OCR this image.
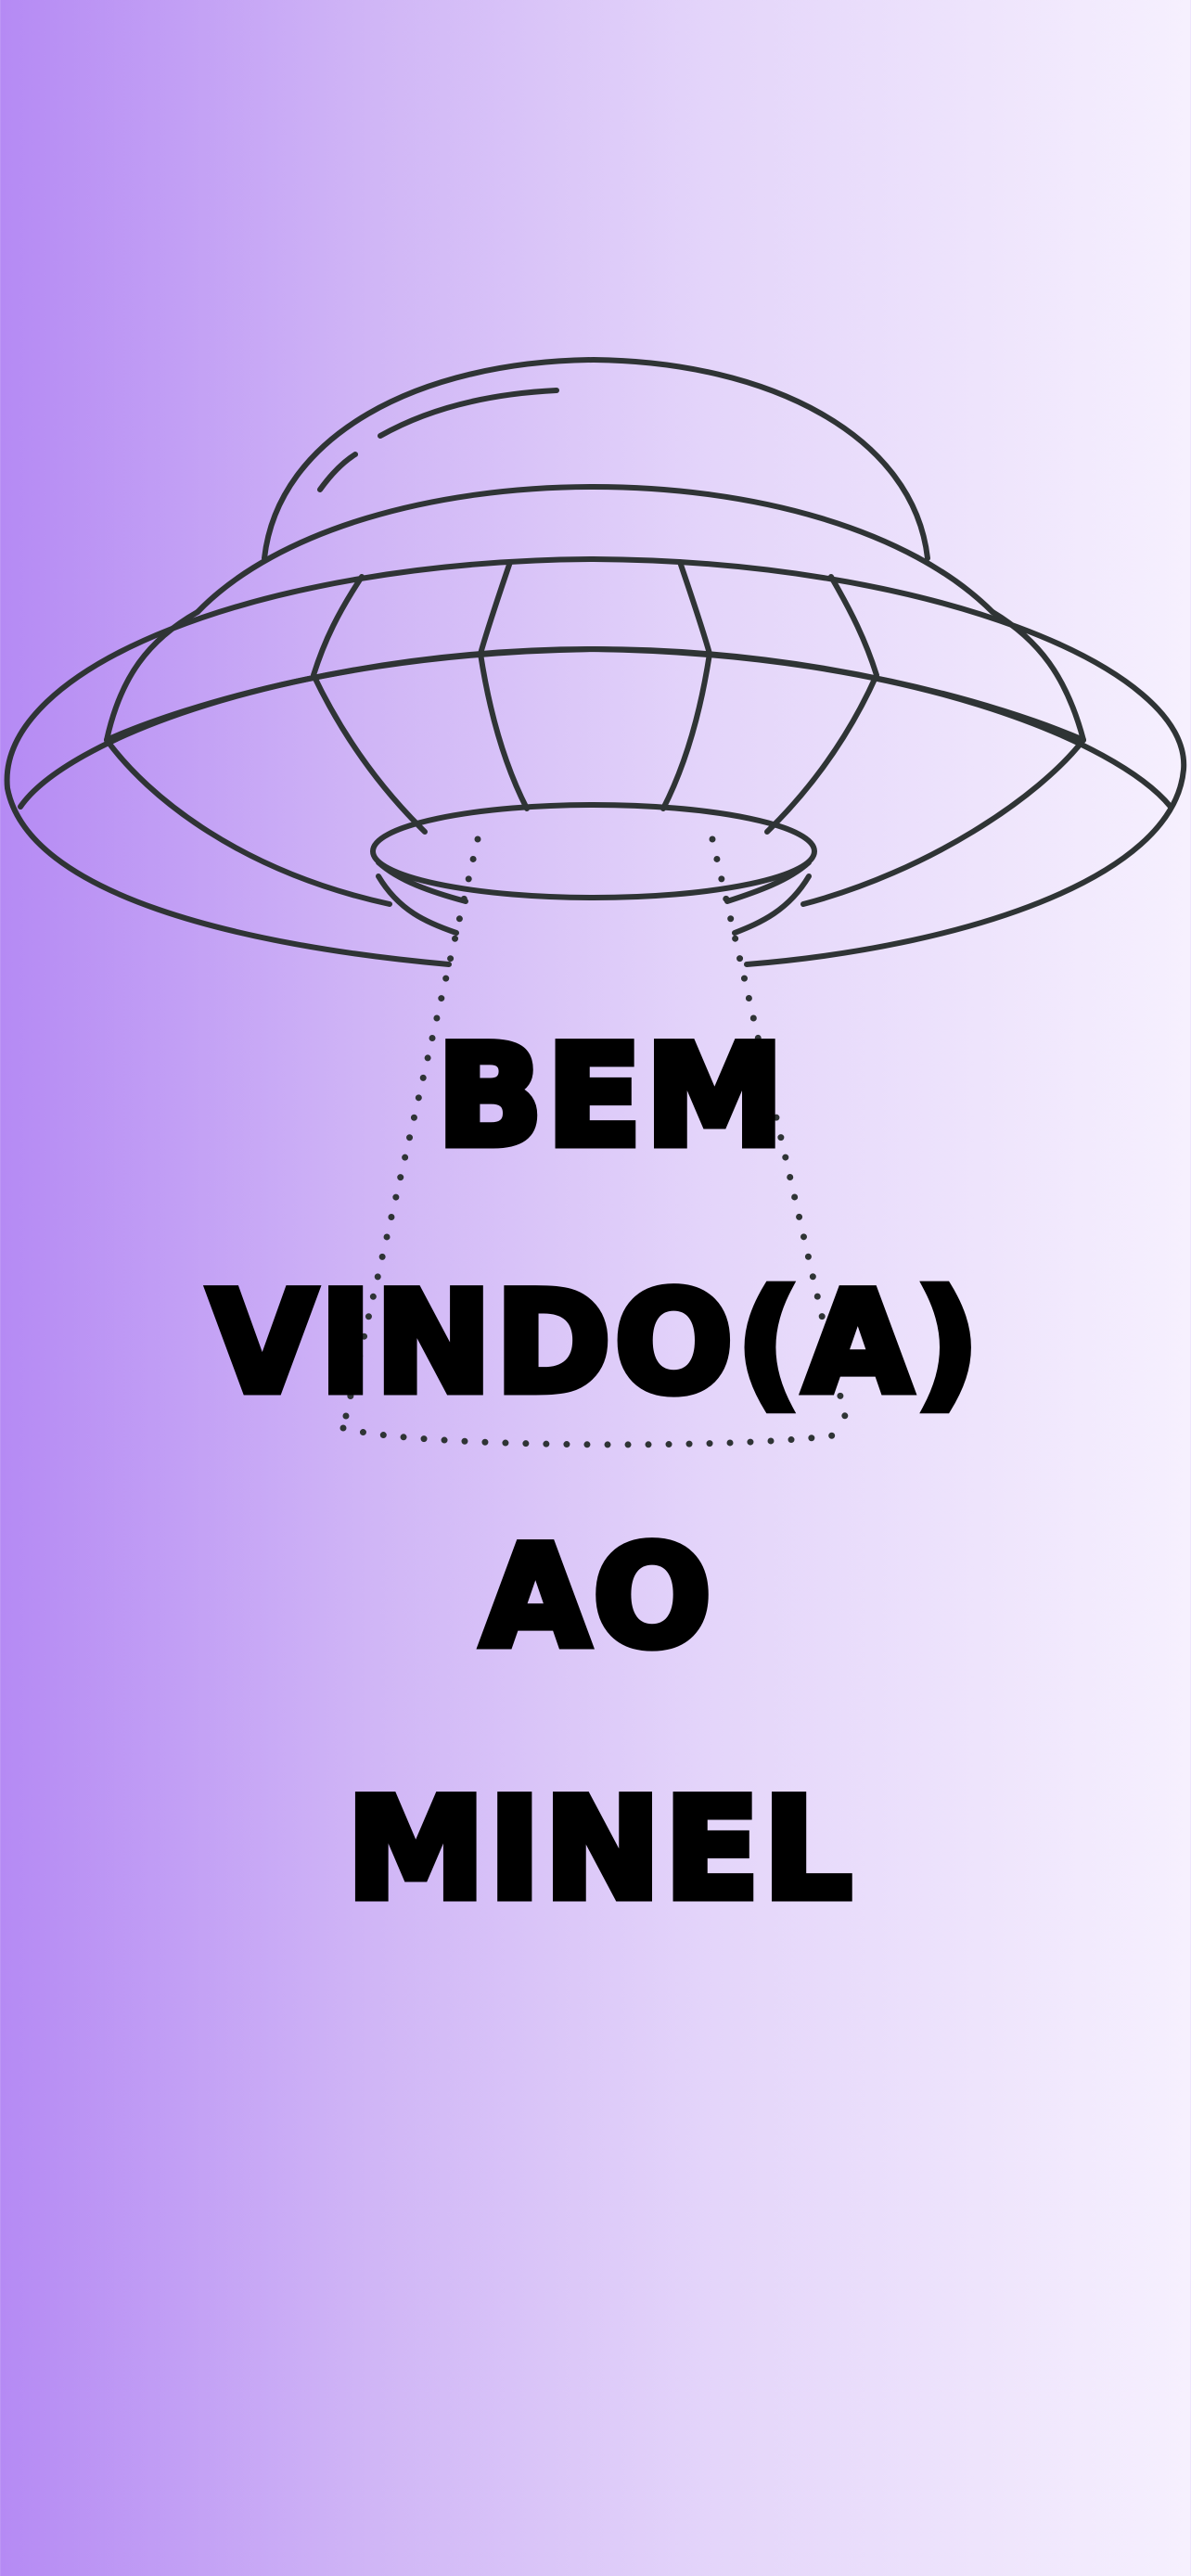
BEM
VINDO(A)
AO
MINEL
